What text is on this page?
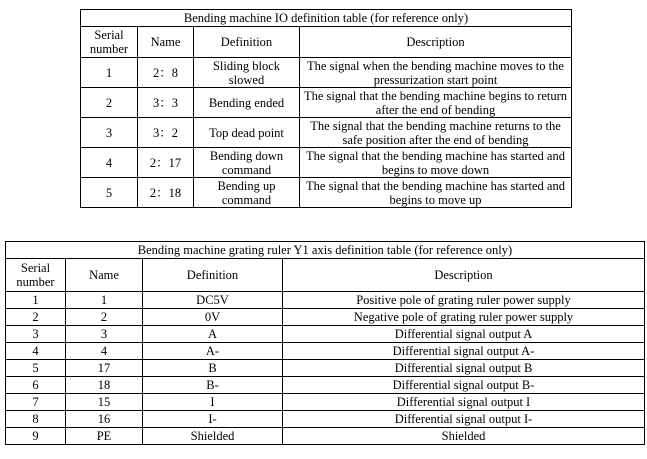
Bending machine IO definition table (for reference only)			
Serial number	Name	Definition	Description
1	2：8	Sliding block slowed	The signal when the bending machine moves to the pressurization start point
2	3：3	Bending ended	The signal that the bending machine begins to return after the end of bending
3	3：2	Top dead point	The signal that the bending machine returns to the safe position after the end of bending
4	2：17	Bending down command	The signal that the bending machine has started and begins to move down
5	2：18	Bending up command	The signal that the bending machine has started and begins to move up
Bending machine grating ruler Y1 axis definition table (for reference only)			
Serial number	Name	Definition	Description
1	1	DC5V	Positive pole of grating ruler power supply
2	2	0V	Negative pole of grating ruler power supply
3	3	A	Differential signal output A
4	4	A-	Differential signal output A-
5	17	B	Differential signal output B
6	18	B-	Differential signal output B-
7	15	I	Differential signal output I
8	16	I-	Differential signal output I-
9	PE	Shielded	Shielded
